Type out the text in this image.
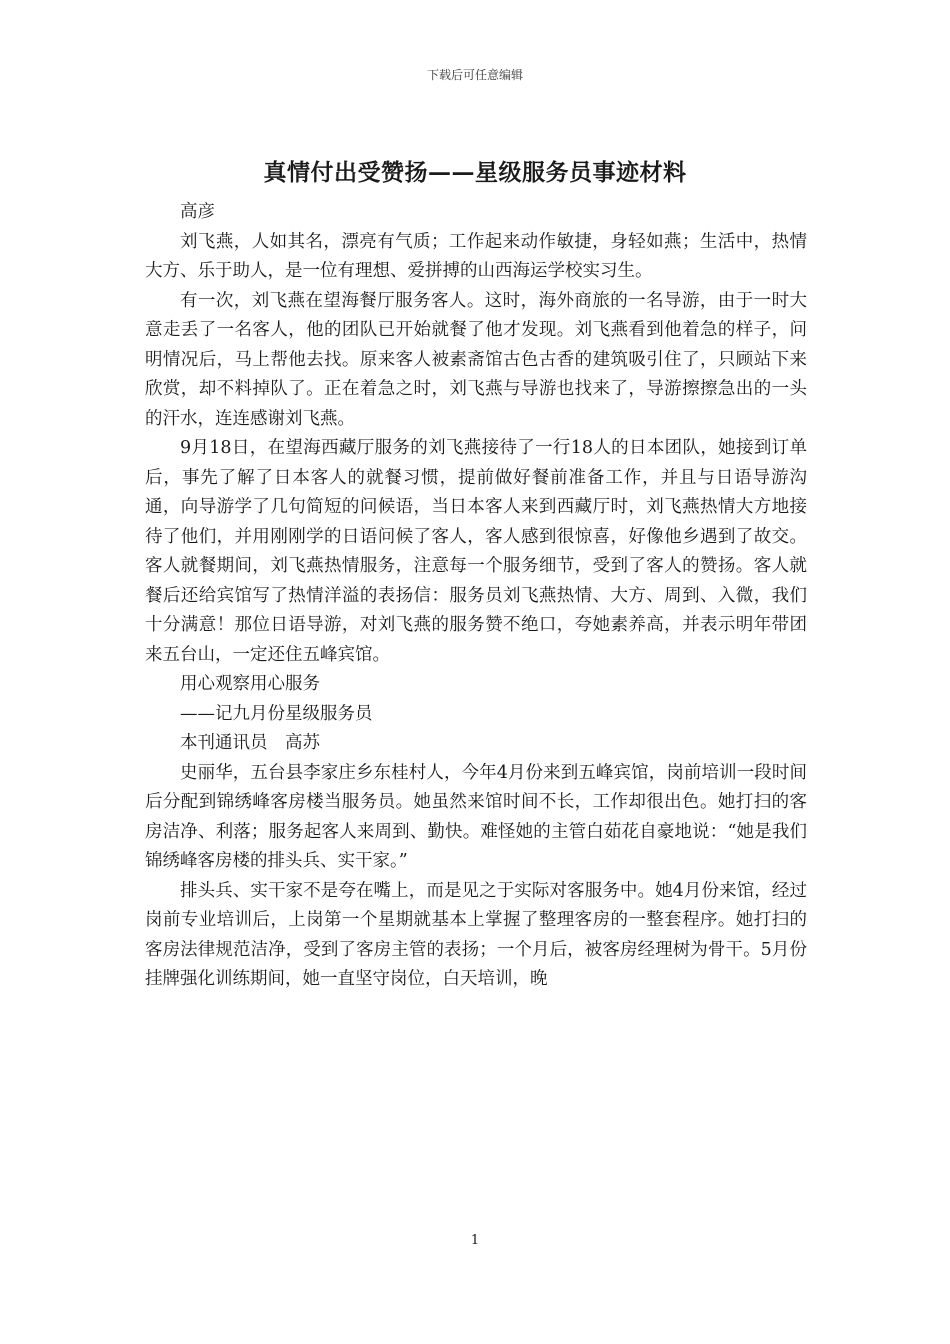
下载后可任意编辑
真情付出受赞扬——星级服务员事迹材料

高彦

刘飞燕，人如其名，漂亮有气质；工作起来动作敏捷，身轻如燕；生活中，热情大方、乐于助人，是一位有理想、爱拼搏的山西海运学校实习生。

有一次，刘飞燕在望海餐厅服务客人。这时，海外商旅的一名导游，由于一时大意走丢了一名客人，他的团队已开始就餐了他才发现。刘飞燕看到他着急的样子，问明情况后，马上帮他去找。原来客人被素斋馆古色古香的建筑吸引住了，只顾站下来欣赏，却不料掉队了。正在着急之时，刘飞燕与导游也找来了，导游擦擦急出的一头的汗水，连连感谢刘飞燕。

9月18日，在望海西藏厅服务的刘飞燕接待了一行18人的日本团队，她接到订单后，事先了解了日本客人的就餐习惯，提前做好餐前准备工作，并且与日语导游沟通，向导游学了几句简短的问候语，当日本客人来到西藏厅时，刘飞燕热情大方地接待了他们，并用刚刚学的日语问候了客人，客人感到很惊喜，好像他乡遇到了故交。客人就餐期间，刘飞燕热情服务，注意每一个服务细节，受到了客人的赞扬。客人就餐后还给宾馆写了热情洋溢的表扬信：服务员刘飞燕热情、大方、周到、入微，我们十分满意！那位日语导游，对刘飞燕的服务赞不绝口，夸她素养高，并表示明年带团来五台山，一定还住五峰宾馆。

用心观察用心服务

——记九月份星级服务员

本刊通讯员　高苏

史丽华，五台县李家庄乡东桂村人，今年4月份来到五峰宾馆，岗前培训一段时间后分配到锦绣峰客房楼当服务员。她虽然来馆时间不长，工作却很出色。她打扫的客房洁净、利落；服务起客人来周到、勤快。难怪她的主管白茹花自豪地说：“她是我们锦绣峰客房楼的排头兵、实干家。”

排头兵、实干家不是夸在嘴上，而是见之于实际对客服务中。她4月份来馆，经过岗前专业培训后，上岗第一个星期就基本上掌握了整理客房的一整套程序。她打扫的客房法律规范洁净，受到了客房主管的表扬；一个月后，被客房经理树为骨干。5月份挂牌强化训练期间，她一直坚守岗位，白天培训，晚

1
